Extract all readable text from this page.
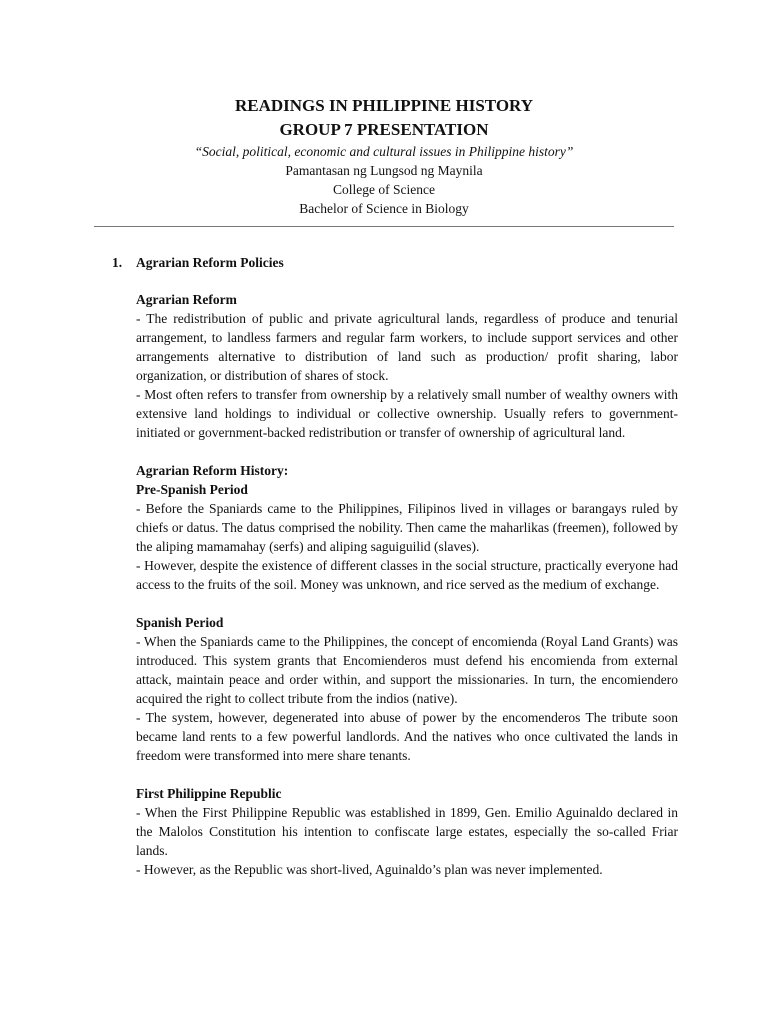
READINGS IN PHILIPPINE HISTORY

GROUP 7 PRESENTATION

“Social, political, economic and cultural issues in Philippine history”

Pamantasan ng Lungsod ng Maynila

College of Science

Bachelor of Science in Biology

1.	Agrarian Reform Policies

Agrarian Reform

- The redistribution of public and private agricultural lands, regardless of produce and tenurial arrangement, to landless farmers and regular farm workers, to include support services and other arrangements alternative to distribution of land such as production/ profit sharing, labor organization, or distribution of shares of stock.

- Most often refers to transfer from ownership by a relatively small number of wealthy owners with extensive land holdings to individual or collective ownership. Usually refers to government-initiated or government-backed redistribution or transfer of ownership of agricultural land.

Agrarian Reform History:

Pre-Spanish Period

- Before the Spaniards came to the Philippines, Filipinos lived in villages or barangays ruled by chiefs or datus. The datus comprised the nobility. Then came the maharlikas (freemen), followed by the aliping mamamahay (serfs) and aliping saguiguilid (slaves).

- However, despite the existence of different classes in the social structure, practically everyone had access to the fruits of the soil. Money was unknown, and rice served as the medium of exchange.

Spanish Period

- When the Spaniards came to the Philippines, the concept of encomienda (Royal Land Grants) was introduced. This system grants that Encomienderos must defend his encomienda from external attack, maintain peace and order within, and support the missionaries. In turn, the encomiendero acquired the right to collect tribute from the indios (native).

- The system, however, degenerated into abuse of power by the encomenderos The tribute soon became land rents to a few powerful landlords. And the natives who once cultivated the lands in freedom were transformed into mere share tenants.

First Philippine Republic

- When the First Philippine Republic was established in 1899, Gen. Emilio Aguinaldo declared in the Malolos Constitution his intention to confiscate large estates, especially the so-called Friar lands.

- However, as the Republic was short-lived, Aguinaldo’s plan was never implemented.
